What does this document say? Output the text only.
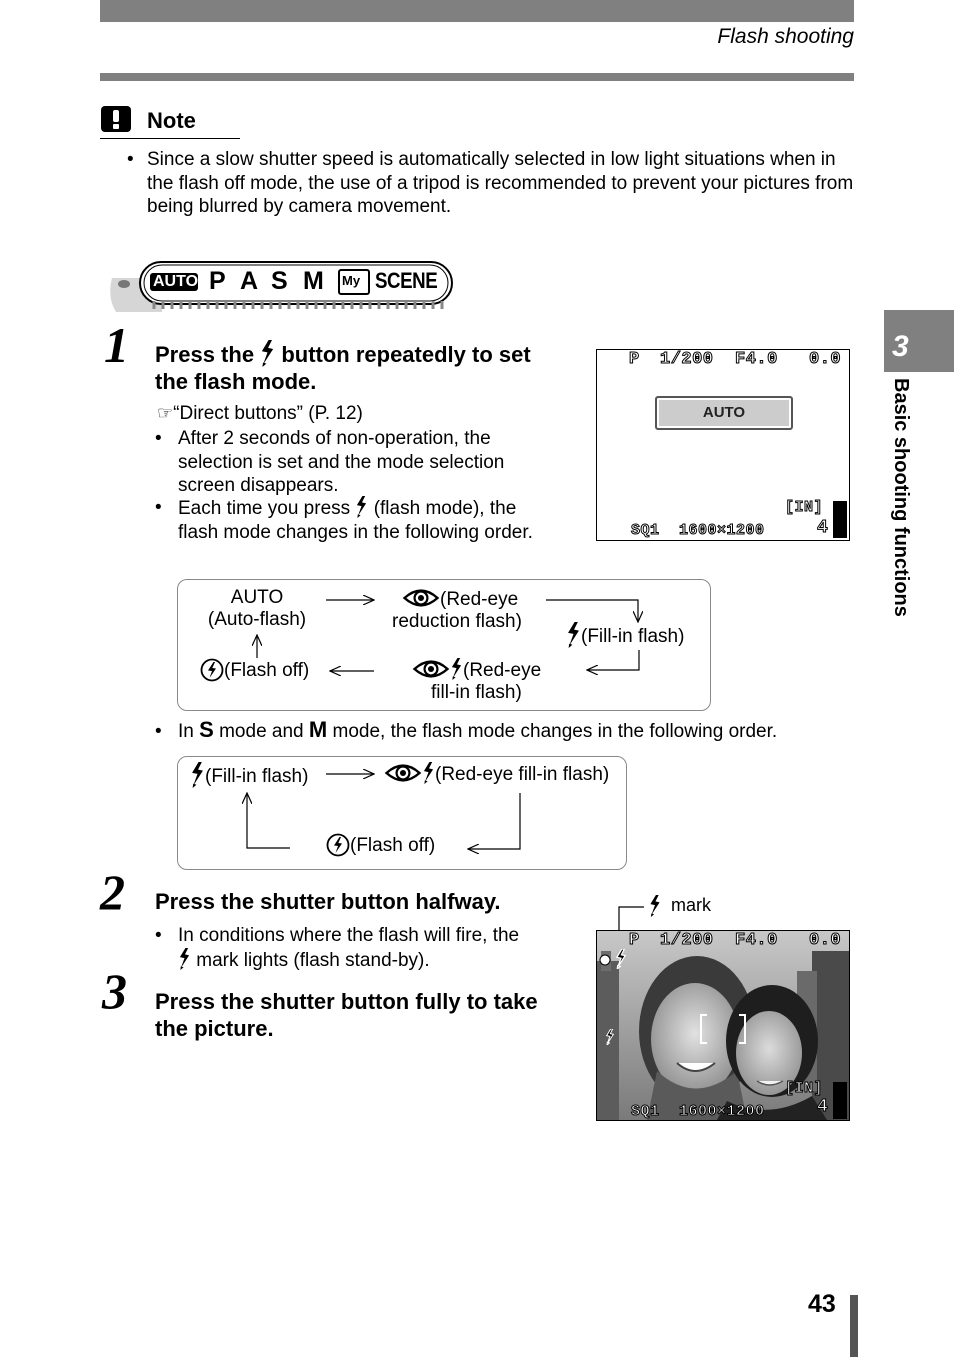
Flash shooting
Note
• Since a slow shutter speed is automatically selected in low light situations when in the flash off mode, the use of a tripod is recommended to prevent your pictures from being blurred by camera movement.
AUTO P A S M My SCENE
3
Basic shooting functions
1 Press the button repeatedly to set the flash mode.
☞“Direct buttons” (P. 12)
• After 2 seconds of non-operation, the selection is set and the mode selection screen disappears.
• Each time you press (flash mode), the flash mode changes in the following order.
P 1/200 F4.0 0.0
AUTO
[IN]
SQ1 1600×1200	4
AUTO
(Auto-flash)
(Red-eye
reduction flash)
(Fill-in flash)
(Red-eye
fill-in flash)
(Flash off)
• In S mode and M mode, the flash mode changes in the following order.
(Fill-in flash)	(Red-eye fill-in flash)
(Flash off)
2 Press the shutter button halfway.
• In conditions where the flash will fire, the
mark lights (flash stand-by).
mark
P 1/200 F4.0 0.0
[IN]
SQ1 1600×1200	4
3 Press the shutter button fully to take the picture.
43
